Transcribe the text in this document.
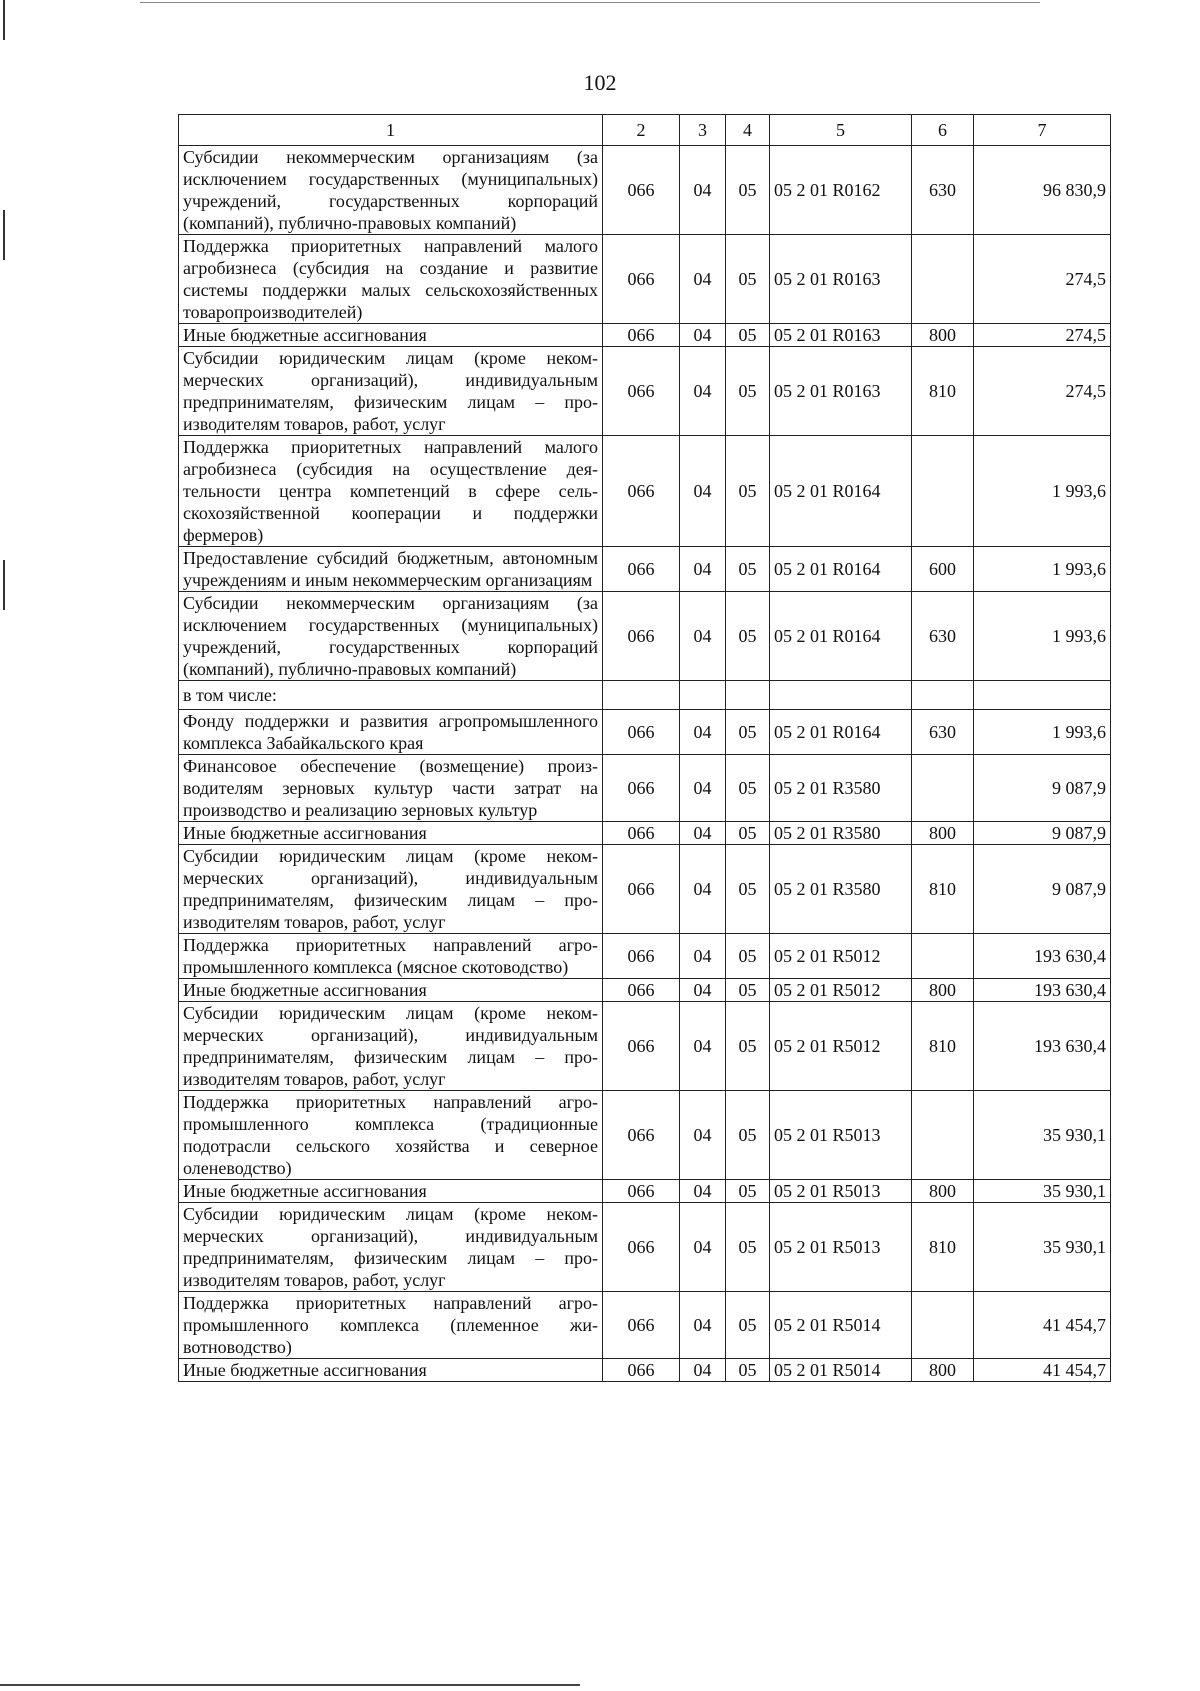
102
1	2	3	4	5	6	7
Субсидии некоммерческим организациям (за исключением государственных (муниципальных) учреждений, государственных корпораций (компаний), публично-правовых компаний)	066	04	05	05 2 01 R0162	630	96 830,9
Поддержка приоритетных направлений малого агробизнеса (субсидия на создание и развитие системы поддержки малых сельскохозяйственных товаропроизводителей)	066	04	05	05 2 01 R0163		274,5
Иные бюджетные ассигнования	066	04	05	05 2 01 R0163	800	274,5
Субсидии юридическим лицам (кроме некоммерческих организаций), индивидуальным предпринимателям, физическим лицам – производителям товаров, работ, услуг	066	04	05	05 2 01 R0163	810	274,5
Поддержка приоритетных направлений малого агробизнеса (субсидия на осуществление деятельности центра компетенций в сфере сельскохозяйственной кооперации и поддержки фермеров)	066	04	05	05 2 01 R0164		1 993,6
Предоставление субсидий бюджетным, автономным учреждениям и иным некоммерческим организациям	066	04	05	05 2 01 R0164	600	1 993,6
Субсидии некоммерческим организациям (за исключением государственных (муниципальных) учреждений, государственных корпораций (компаний), публично-правовых компаний)	066	04	05	05 2 01 R0164	630	1 993,6
в том числе:						
Фонду поддержки и развития агропромышленного комплекса Забайкальского края	066	04	05	05 2 01 R0164	630	1 993,6
Финансовое обеспечение (возмещение) производителям зерновых культур части затрат на производство и реализацию зерновых культур	066	04	05	05 2 01 R3580		9 087,9
Иные бюджетные ассигнования	066	04	05	05 2 01 R3580	800	9 087,9
Субсидии юридическим лицам (кроме некоммерческих организаций), индивидуальным предпринимателям, физическим лицам – производителям товаров, работ, услуг	066	04	05	05 2 01 R3580	810	9 087,9
Поддержка приоритетных направлений агропромышленного комплекса (мясное скотоводство)	066	04	05	05 2 01 R5012		193 630,4
Иные бюджетные ассигнования	066	04	05	05 2 01 R5012	800	193 630,4
Субсидии юридическим лицам (кроме некоммерческих организаций), индивидуальным предпринимателям, физическим лицам – производителям товаров, работ, услуг	066	04	05	05 2 01 R5012	810	193 630,4
Поддержка приоритетных направлений агропромышленного комплекса (традиционные подотрасли сельского хозяйства и северное оленеводство)	066	04	05	05 2 01 R5013		35 930,1
Иные бюджетные ассигнования	066	04	05	05 2 01 R5013	800	35 930,1
Субсидии юридическим лицам (кроме некоммерческих организаций), индивидуальным предпринимателям, физическим лицам – производителям товаров, работ, услуг	066	04	05	05 2 01 R5013	810	35 930,1
Поддержка приоритетных направлений агропромышленного комплекса (племенное животноводство)	066	04	05	05 2 01 R5014		41 454,7
Иные бюджетные ассигнования	066	04	05	05 2 01 R5014	800	41 454,7
